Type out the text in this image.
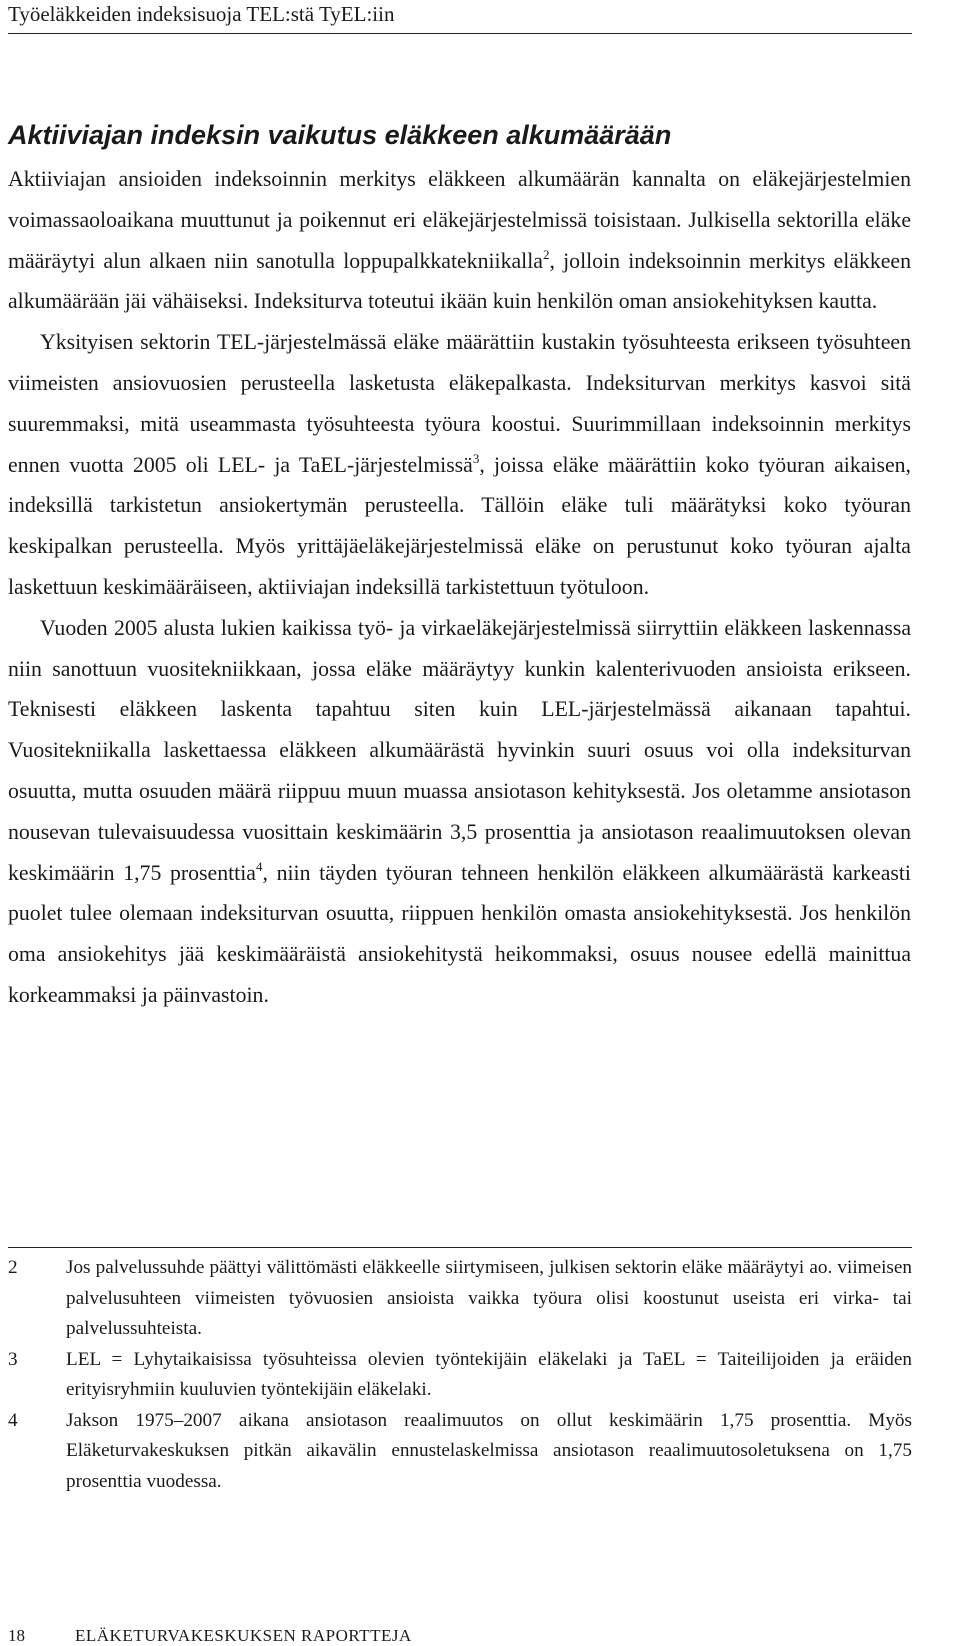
Työeläkkeiden indeksisuoja TEL:stä TyEL:iin
Aktiiviajan indeksin vaikutus eläkkeen alkumäärään

Aktiiviajan ansioiden indeksoinnin merkitys eläkkeen alkumäärän kannalta on eläkejärjestelmien voimassaoloaikana muuttunut ja poikennut eri eläkejärjestelmissä toisistaan. Julkisella sektorilla eläke määräytyi alun alkaen niin sanotulla loppupalkkatekniikalla$^2$, jolloin indeksoinnin merkitys eläkkeen alkumäärään jäi vähäiseksi. Indeksiturva toteutui ikään kuin henkilön oman ansiokehityksen kautta.

Yksityisen sektorin TEL-järjestelmässä eläke määrättiin kustakin työsuhteesta erikseen työsuhteen viimeisten ansiovuosien perusteella lasketusta eläkepalkasta. Indeksiturvan merkitys kasvoi sitä suuremmaksi, mitä useammasta työsuhteesta työura koostui. Suurimmillaan indeksoinnin merkitys ennen vuotta 2005 oli LEL- ja TaEL-järjestelmissä$^3$, joissa eläke määrättiin koko työuran aikaisen, indeksillä tarkistetun ansiokertymän perusteella. Tällöin eläke tuli määrätyksi koko työuran keskipalkan perusteella. Myös yrittäjäeläkejärjestelmissä eläke on perustunut koko työuran ajalta laskettuun keskimääräiseen, aktiiviajan indeksillä tarkistettuun työtuloon.

Vuoden 2005 alusta lukien kaikissa työ- ja virkaeläkejärjestelmissä siirryttiin eläkkeen laskennassa niin sanottuun vuositekniikkaan, jossa eläke määräytyy kunkin kalenterivuoden ansioista erikseen. Teknisesti eläkkeen laskenta tapahtuu siten kuin LEL-järjestelmässä aikanaan tapahtui. Vuositekniikalla laskettaessa eläkkeen alkumäärästä hyvinkin suuri osuus voi olla indeksiturvan osuutta, mutta osuuden määrä riippuu muun muassa ansiotason kehityksestä. Jos oletamme ansiotason nousevan tulevaisuudessa vuosittain keskimäärin 3,5 prosenttia ja ansiotason reaalimuutoksen olevan keskimäärin 1,75 prosenttia$^4$, niin täyden työuran tehneen henkilön eläkkeen alkumäärästä karkeasti puolet tulee olemaan indeksiturvan osuutta, riippuen henkilön omasta ansiokehityksestä. Jos henkilön oma ansiokehitys jää keskimääräistä ansiokehitystä heikommaksi, osuus nousee edellä mainittua korkeammaksi ja päinvastoin.

2	Jos palvelussuhde päättyi välittömästi eläkkeelle siirtymiseen, julkisen sektorin eläke määräytyi ao. viimeisen palvelusuhteen viimeisten työvuosien ansioista vaikka työura olisi koostunut useista eri virka- tai palvelussuhteista.
3	LEL = Lyhytaikaisissa työsuhteissa olevien työntekijäin eläkelaki ja TaEL = Taiteilijoiden ja eräiden erityisryhmiin kuuluvien työntekijäin eläkelaki.
4	Jakson 1975–2007 aikana ansiotason reaalimuutos on ollut keskimäärin 1,75 prosenttia. Myös Eläketurvakeskuksen pitkän aikavälin ennustelaskelmissa ansiotason reaalimuutosoletuksena on 1,75 prosenttia vuodessa.
18	ELÄKETURVAKESKUKSEN RAPORTTEJA
